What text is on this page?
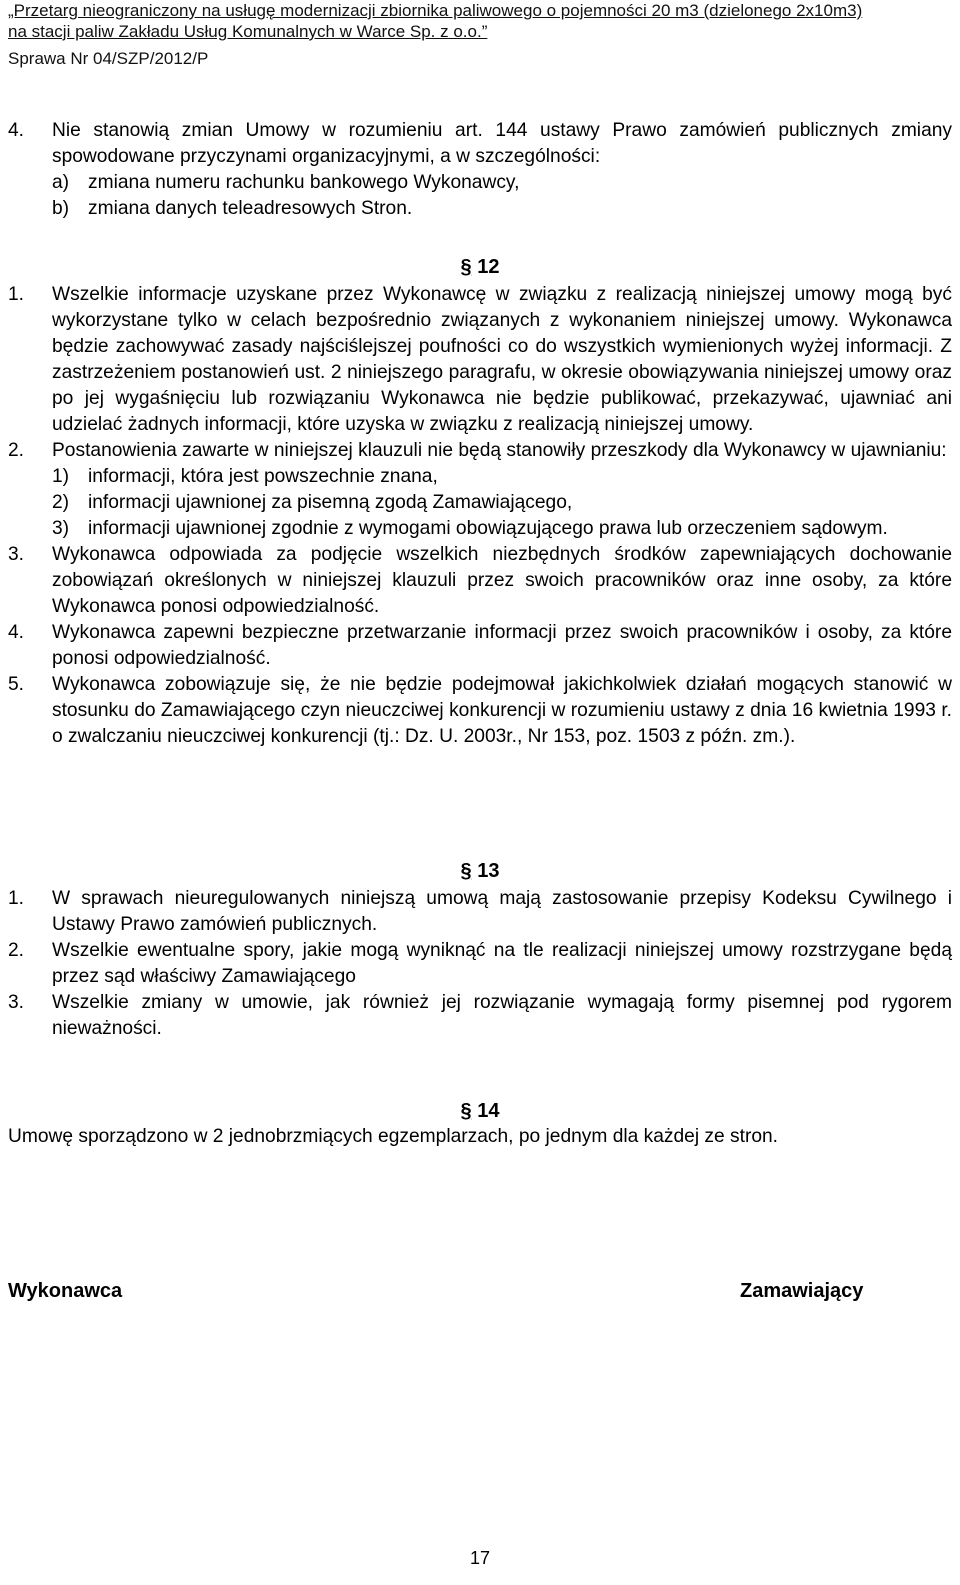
„Przetarg nieograniczony na usługę modernizacji zbiornika paliwowego o pojemności 20 m3 (dzielonego 2x10m3)
na stacji paliw Zakładu Usług Komunalnych w Warce Sp. z o.o.”
Sprawa Nr 04/SZP/2012/P
4. Nie stanowią zmian Umowy w rozumieniu art. 144 ustawy Prawo zamówień publicznych zmiany spowodowane przyczynami organizacyjnymi, a w szczególności:
a) zmiana numeru rachunku bankowego Wykonawcy,
b) zmiana danych teleadresowych Stron.
§ 12
1. Wszelkie informacje uzyskane przez Wykonawcę w związku z realizacją niniejszej umowy mogą być wykorzystane tylko w celach bezpośrednio związanych z wykonaniem niniejszej umowy. Wykonawca będzie zachowywać zasady najściślejszej poufności co do wszystkich wymienionych wyżej informacji. Z zastrzeżeniem postanowień ust. 2 niniejszego paragrafu, w okresie obowiązywania niniejszej umowy oraz po jej wygaśnięciu lub rozwiązaniu Wykonawca nie będzie publikować, przekazywać, ujawniać ani udzielać żadnych informacji, które uzyska w związku z realizacją niniejszej umowy.
2. Postanowienia zawarte w niniejszej klauzuli nie będą stanowiły przeszkody dla Wykonawcy w ujawnianiu:
1) informacji, która jest powszechnie znana,
2) informacji ujawnionej za pisemną zgodą Zamawiającego,
3) informacji ujawnionej zgodnie z wymogami obowiązującego prawa lub orzeczeniem sądowym.
3. Wykonawca odpowiada za podjęcie wszelkich niezbędnych środków zapewniających dochowanie zobowiązań określonych w niniejszej klauzuli przez swoich pracowników oraz inne osoby, za które Wykonawca ponosi odpowiedzialność.
4. Wykonawca zapewni bezpieczne przetwarzanie informacji przez swoich pracowników i osoby, za które ponosi odpowiedzialność.
5. Wykonawca zobowiązuje się, że nie będzie podejmował jakichkolwiek działań mogących stanowić w stosunku do Zamawiającego czyn nieuczciwej konkurencji w rozumieniu ustawy z dnia 16 kwietnia 1993 r. o zwalczaniu nieuczciwej konkurencji (tj.: Dz. U. 2003r., Nr 153, poz. 1503 z późn. zm.).
§ 13
1. W sprawach nieuregulowanych niniejszą umową mają zastosowanie przepisy Kodeksu Cywilnego i Ustawy Prawo zamówień publicznych.
2. Wszelkie ewentualne spory, jakie mogą wyniknąć na tle realizacji niniejszej umowy rozstrzygane będą przez sąd właściwy Zamawiającego
3. Wszelkie zmiany w umowie, jak również jej rozwiązanie wymagają formy pisemnej pod rygorem nieważności.
§ 14
Umowę sporządzono w 2 jednobrzmiących egzemplarzach, po jednym dla każdej ze stron.
Wykonawca	Zamawiający
17
